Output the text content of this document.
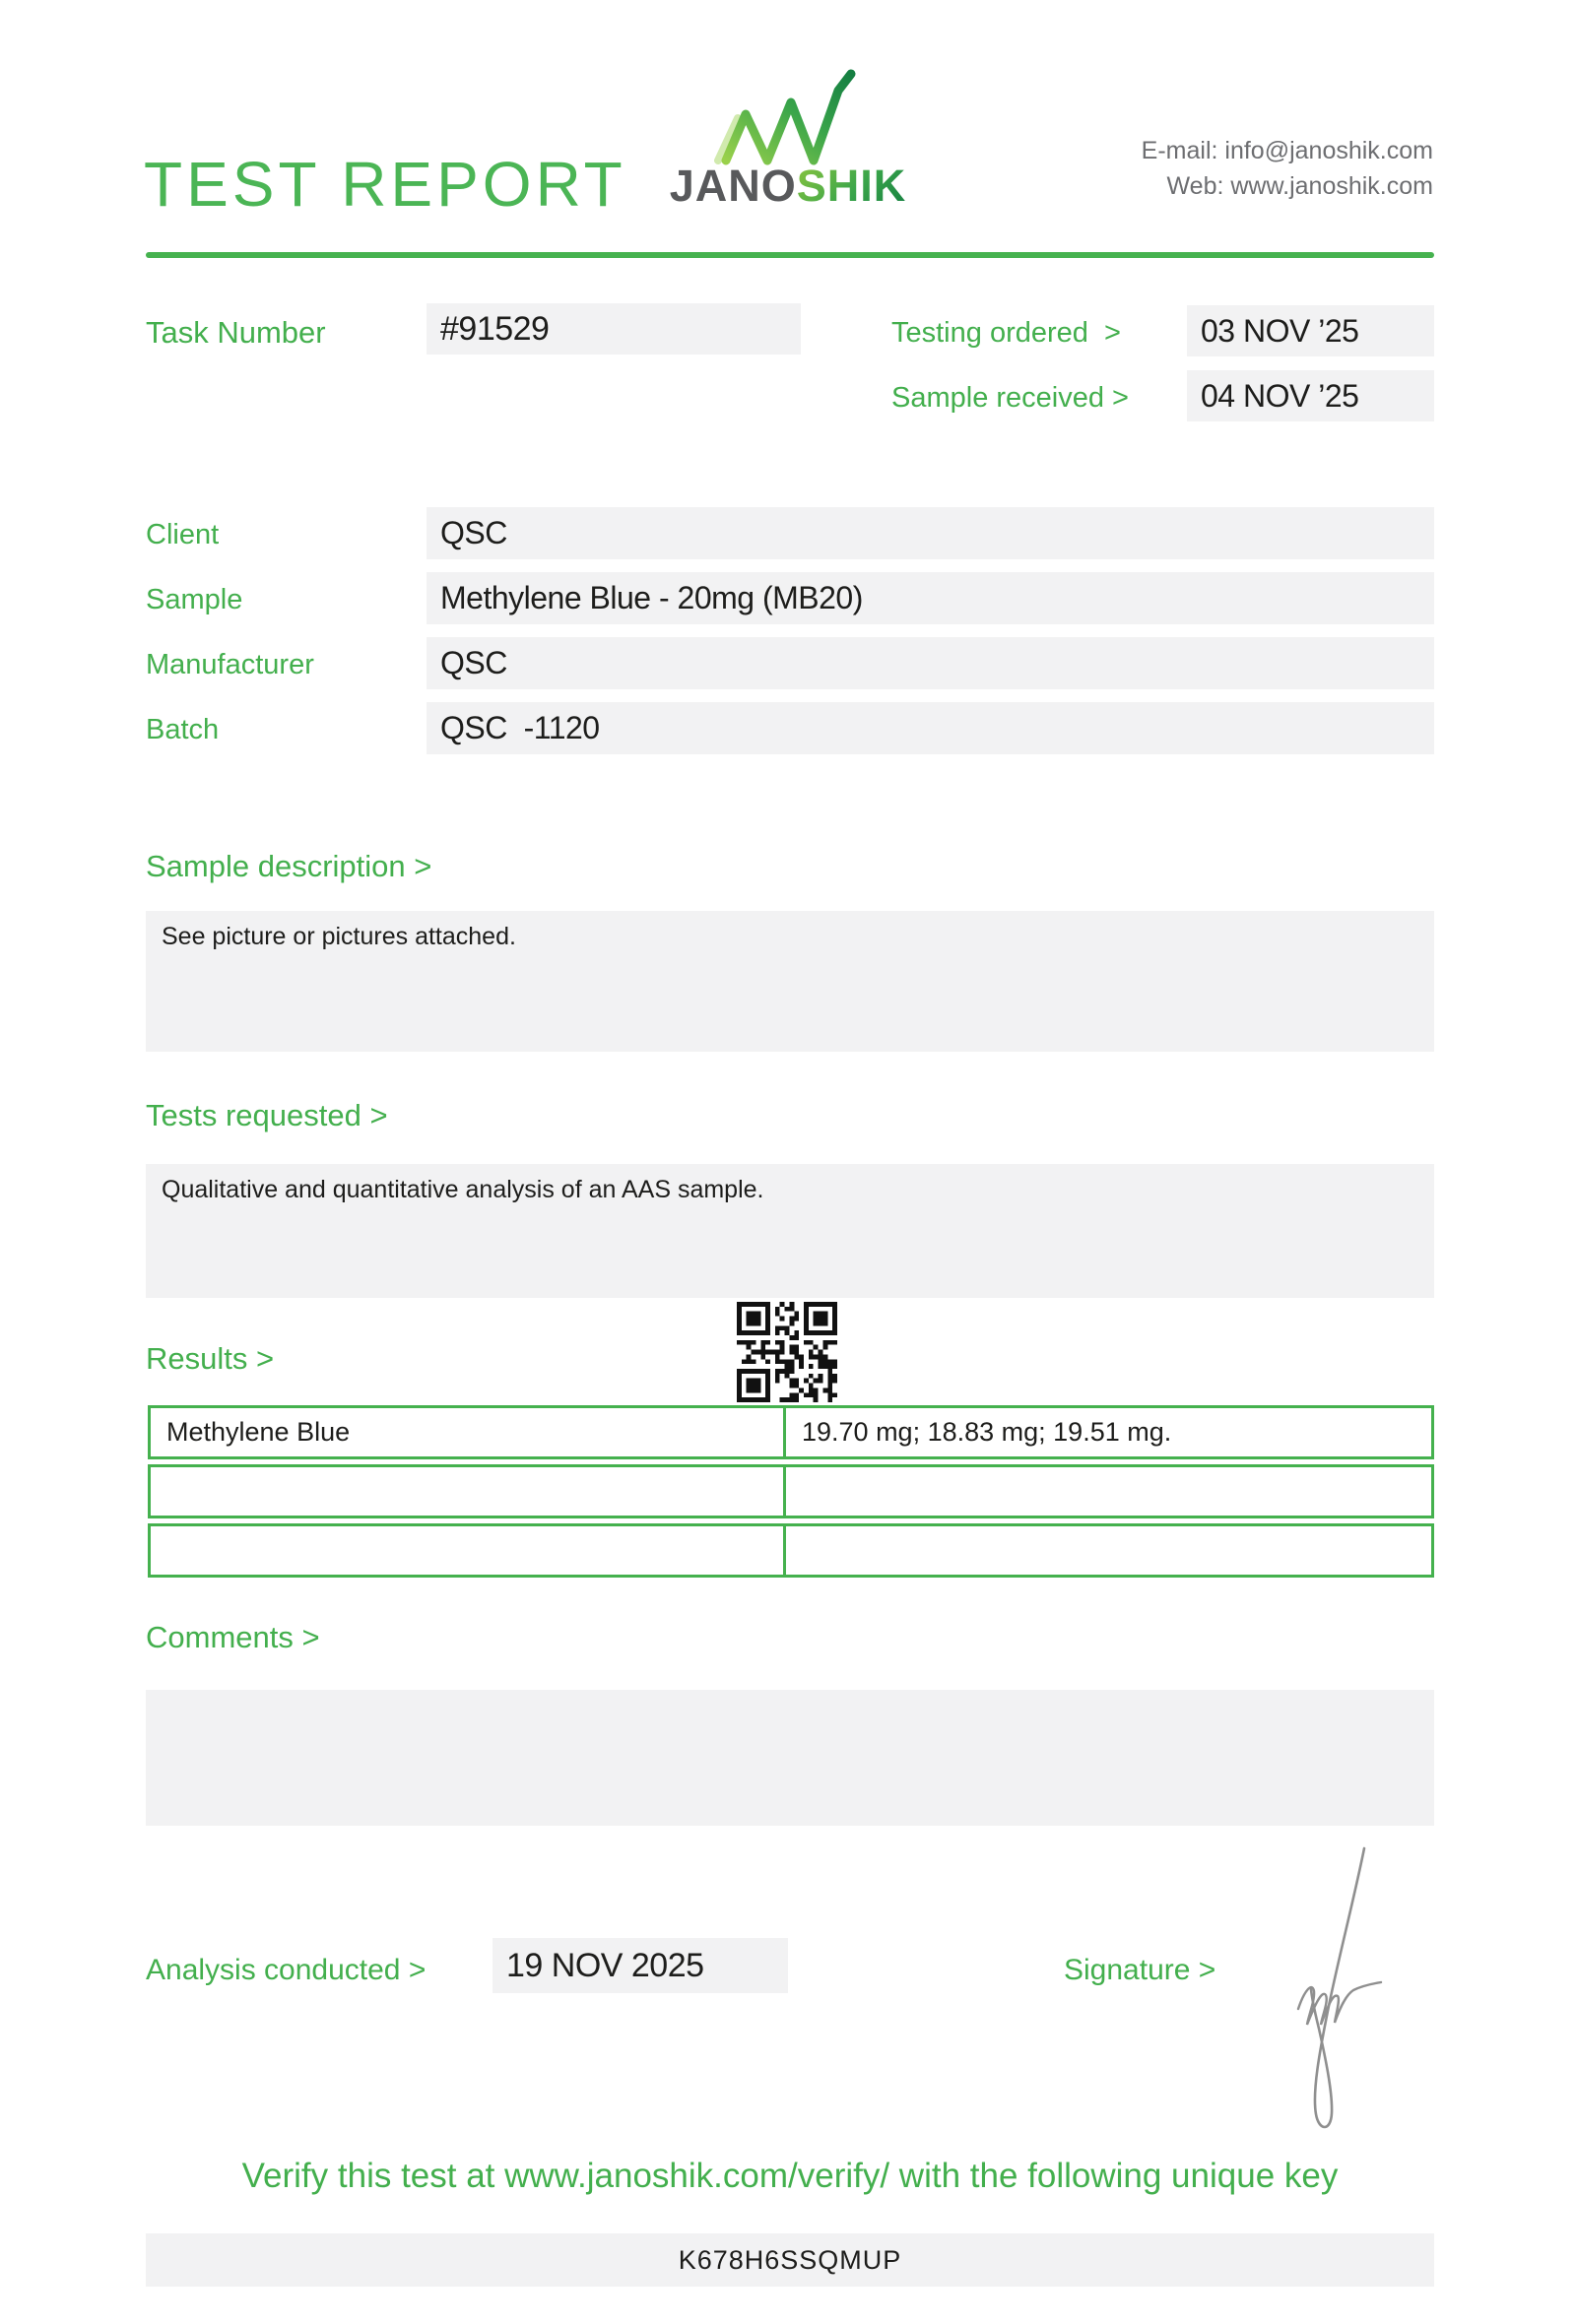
TEST REPORT JANOSHIK
E-mail: info@janoshik.com
Web: www.janoshik.com
Task Number	#91529	Testing ordered  >	03 NOV ’25
Sample received > 04 NOV ’25
Client	QSC
Sample	Methylene Blue - 20mg (MB20)
Manufacturer	QSC
Batch	QSC  -1120
Sample description >
See picture or pictures attached.
Tests requested >
Qualitative and quantitative analysis of an AAS sample.
Results >
Methylene Blue	19.70 mg; 18.83 mg; 19.51 mg.
Comments >
Analysis conducted > 19 NOV 2025	Signature >
Verify this test at www.janoshik.com/verify/ with the following unique key
K678H6SSQMUP
